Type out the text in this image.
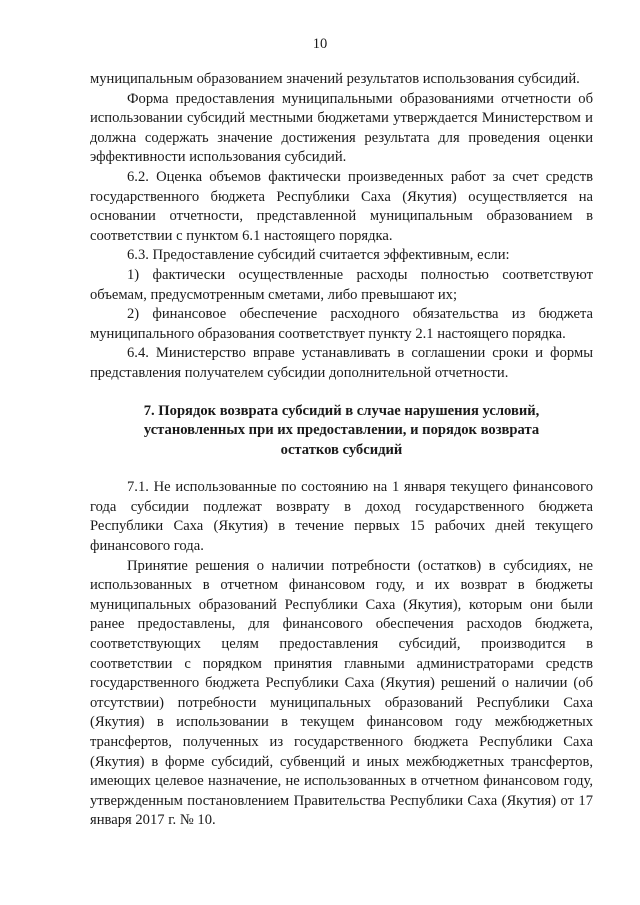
10

муниципальным образованием значений результатов использования субсидий.

Форма предоставления муниципальными образованиями отчетности об использовании субсидий местными бюджетами утверждается Министерством и должна содержать значение достижения результата для проведения оценки эффективности использования субсидий.

6.2. Оценка объемов фактически произведенных работ за счет средств государственного бюджета Республики Саха (Якутия) осуществляется на основании отчетности, представленной муниципальным образованием в соответствии с пунктом 6.1 настоящего порядка.

6.3. Предоставление субсидий считается эффективным, если:

1) фактически осуществленные расходы полностью соответствуют объемам, предусмотренным сметами, либо превышают их;

2) финансовое обеспечение расходного обязательства из бюджета муниципального образования соответствует пункту 2.1 настоящего порядка.

6.4. Министерство вправе устанавливать в соглашении сроки и формы представления получателем субсидии дополнительной отчетности.

7. Порядок возврата субсидий в случае нарушения условий, установленных при их предоставлении, и порядок возврата остатков субсидий

7.1. Не использованные по состоянию на 1 января текущего финансового года субсидии подлежат возврату в доход государственного бюджета Республики Саха (Якутия) в течение первых 15 рабочих дней текущего финансового года.

Принятие решения о наличии потребности (остатков) в субсидиях, не использованных в отчетном финансовом году, и их возврат в бюджеты муниципальных образований Республики Саха (Якутия), которым они были ранее предоставлены, для финансового обеспечения расходов бюджета, соответствующих целям предоставления субсидий, производится в соответствии с порядком принятия главными администраторами средств государственного бюджета Республики Саха (Якутия) решений о наличии (об отсутствии) потребности муниципальных образований Республики Саха (Якутия) в использовании в текущем финансовом году межбюджетных трансфертов, полученных из государственного бюджета Республики Саха (Якутия) в форме субсидий, субвенций и иных межбюджетных трансфертов, имеющих целевое назначение, не использованных в отчетном финансовом году, утвержденным постановлением Правительства Республики Саха (Якутия) от 17 января 2017 г. № 10.
